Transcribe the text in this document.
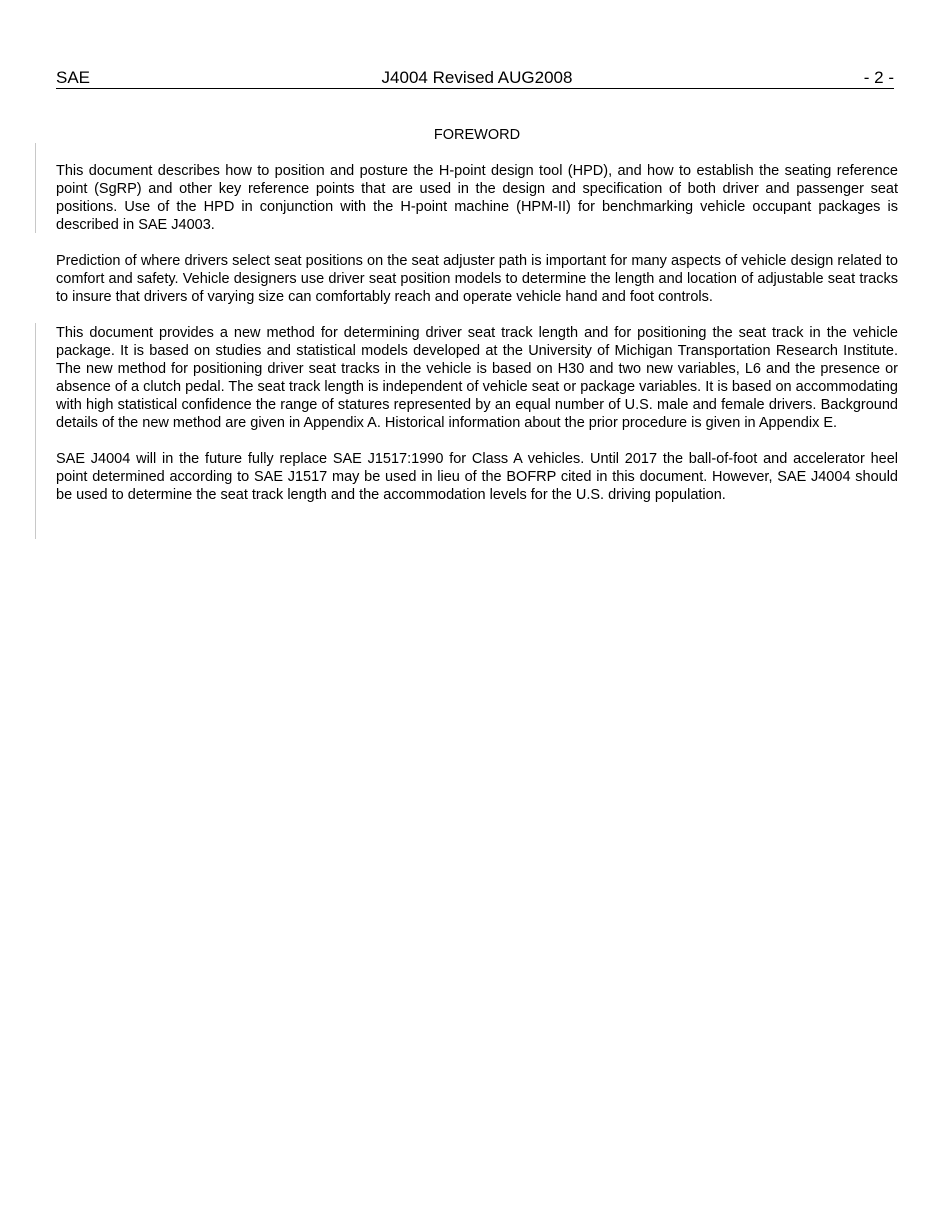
SAE	J4004 Revised AUG2008	- 2 -
FOREWORD

This document describes how to position and posture the H-point design tool (HPD), and how to establish the seating reference point (SgRP) and other key reference points that are used in the design and specification of both driver and passenger seat positions. Use of the HPD in conjunction with the H-point machine (HPM-II) for benchmarking vehicle occupant packages is described in SAE J4003.

Prediction of where drivers select seat positions on the seat adjuster path is important for many aspects of vehicle design related to comfort and safety. Vehicle designers use driver seat position models to determine the length and location of adjustable seat tracks to insure that drivers of varying size can comfortably reach and operate vehicle hand and foot controls.

This document provides a new method for determining driver seat track length and for positioning the seat track in the vehicle package. It is based on studies and statistical models developed at the University of Michigan Transportation Research Institute. The new method for positioning driver seat tracks in the vehicle is based on H30 and two new variables, L6 and the presence or absence of a clutch pedal. The seat track length is independent of vehicle seat or package variables. It is based on accommodating with high statistical confidence the range of statures represented by an equal number of U.S. male and female drivers. Background details of the new method are given in Appendix A. Historical information about the prior procedure is given in Appendix E.

SAE J4004 will in the future fully replace SAE J1517:1990 for Class A vehicles. Until 2017 the ball-of-foot and accelerator heel point determined according to SAE J1517 may be used in lieu of the BOFRP cited in this document. However, SAE J4004 should be used to determine the seat track length and the accommodation levels for the U.S. driving population.
